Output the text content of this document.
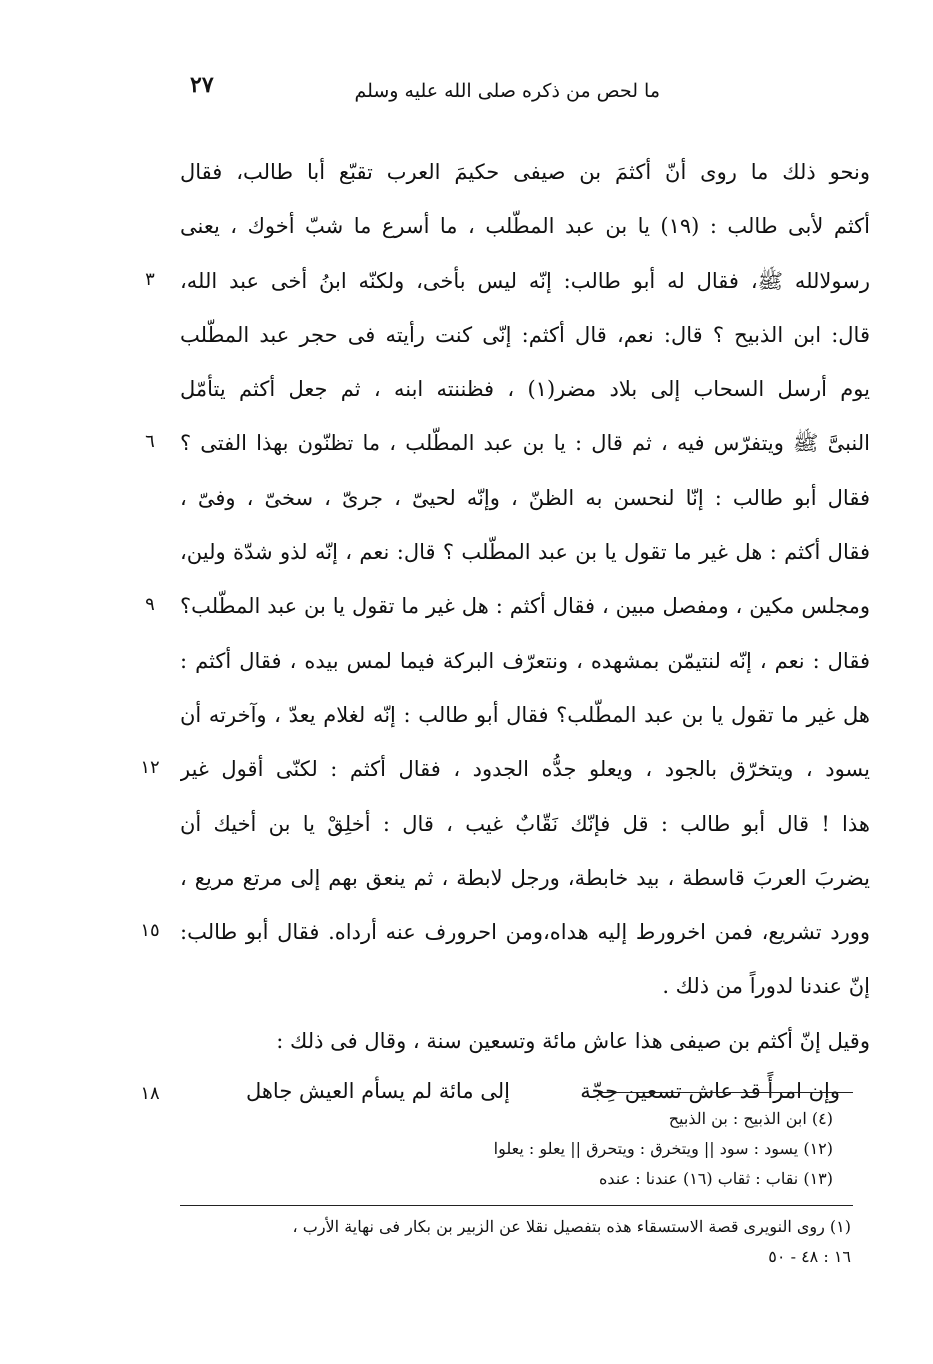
٢٧	ما لحص من ذكره صلى الله عليه وسلم
ونحو ذلك ما روى أنّ أكثمَ بن صيفى حكيمَ العرب تقبّع أبا طالب، فقال
أكثم لأبى طالب : (١٩) يا بن عبد المطّلب ، ما أسرع ما شبّ أخوك ، يعنى
رسولالله ﷺ، فقال له أبو طالب: إنّه ليس بأخى، ولكنّه ابنُ أخى عبد الله،
٣
قال: ابن الذبيح ؟ قال: نعم، قال أكثم: إنّى كنت رأيته فى حجر عبد المطّلب
يوم أرسل السحاب إلى بلاد مضر(١) ، فظننته ابنه ، ثم جعل أكثم يتأمّل
النبىَّ ﷺ ويتفرّس فيه ، ثم قال : يا بن عبد المطّلب ، ما تظنّون بهذا الفتى ؟
٦
فقال أبو طالب : إنّا لنحسن به الظنّ ، وإنّه لحيىّ ، جرىّ ، سخىّ ، وفىّ ،
فقال أكثم : هل غير ما تقول يا بن عبد المطّلب ؟ قال: نعم ، إنّه لذو شدّة ولين،
ومجلس مكين ، ومفصل مبين ، فقال أكثم : هل غير ما تقول يا بن عبد المطّلب؟
٩
فقال : نعم ، إنّه لنتيمّن بمشهده ، ونتعرّف البركة فيما لمس بيده ، فقال أكثم :
هل غير ما تقول يا بن عبد المطّلب؟ فقال أبو طالب : إنّه لغلام يعدّ ، وآخرته أن
يسود ، ويتخرّق بالجود ، ويعلو جدُّه الجدود ، فقال أكثم : لكنّى أقول غير
١٢
هذا ! قال أبو طالب : قل فإنّك نَقّابٌ غيب ، قال : أخلِقْ يا بن أخيك أن
يضربَ العربَ قاسطة ، بيد خابطة، ورجل لابطة ، ثم ينعق بهم إلى مرتع مريع ،
وورد تشريع، فمن اخرورط إليه هداه،ومن احرورف عنه أرداه. فقال أبو طالب:
١٥
إنّ عندنا لدوراً من ذلك .
وقيل إنّ أكثم بن صيفى هذا عاش مائة وتسعين سنة ، وقال فى ذلك :
وإن امرأً قد عاش تسعين حِجّة
إلى مائة لم يسأم العيش جاهل
١٨
(٤) ابن الذبيح : بن الذبيح
(١٢) يسود : سود || ويتخرق : ويتحرق || يعلو : يعلوا
(١٣) نقاب : ثقاب (١٦) عندنا : عنده
(١) روى النويرى قصة الاستسقاء هذه بتفصيل نقلا عن الزبير بن بكار فى نهاية الأرب ،
١٦ : ٤٨ - ٥٠
